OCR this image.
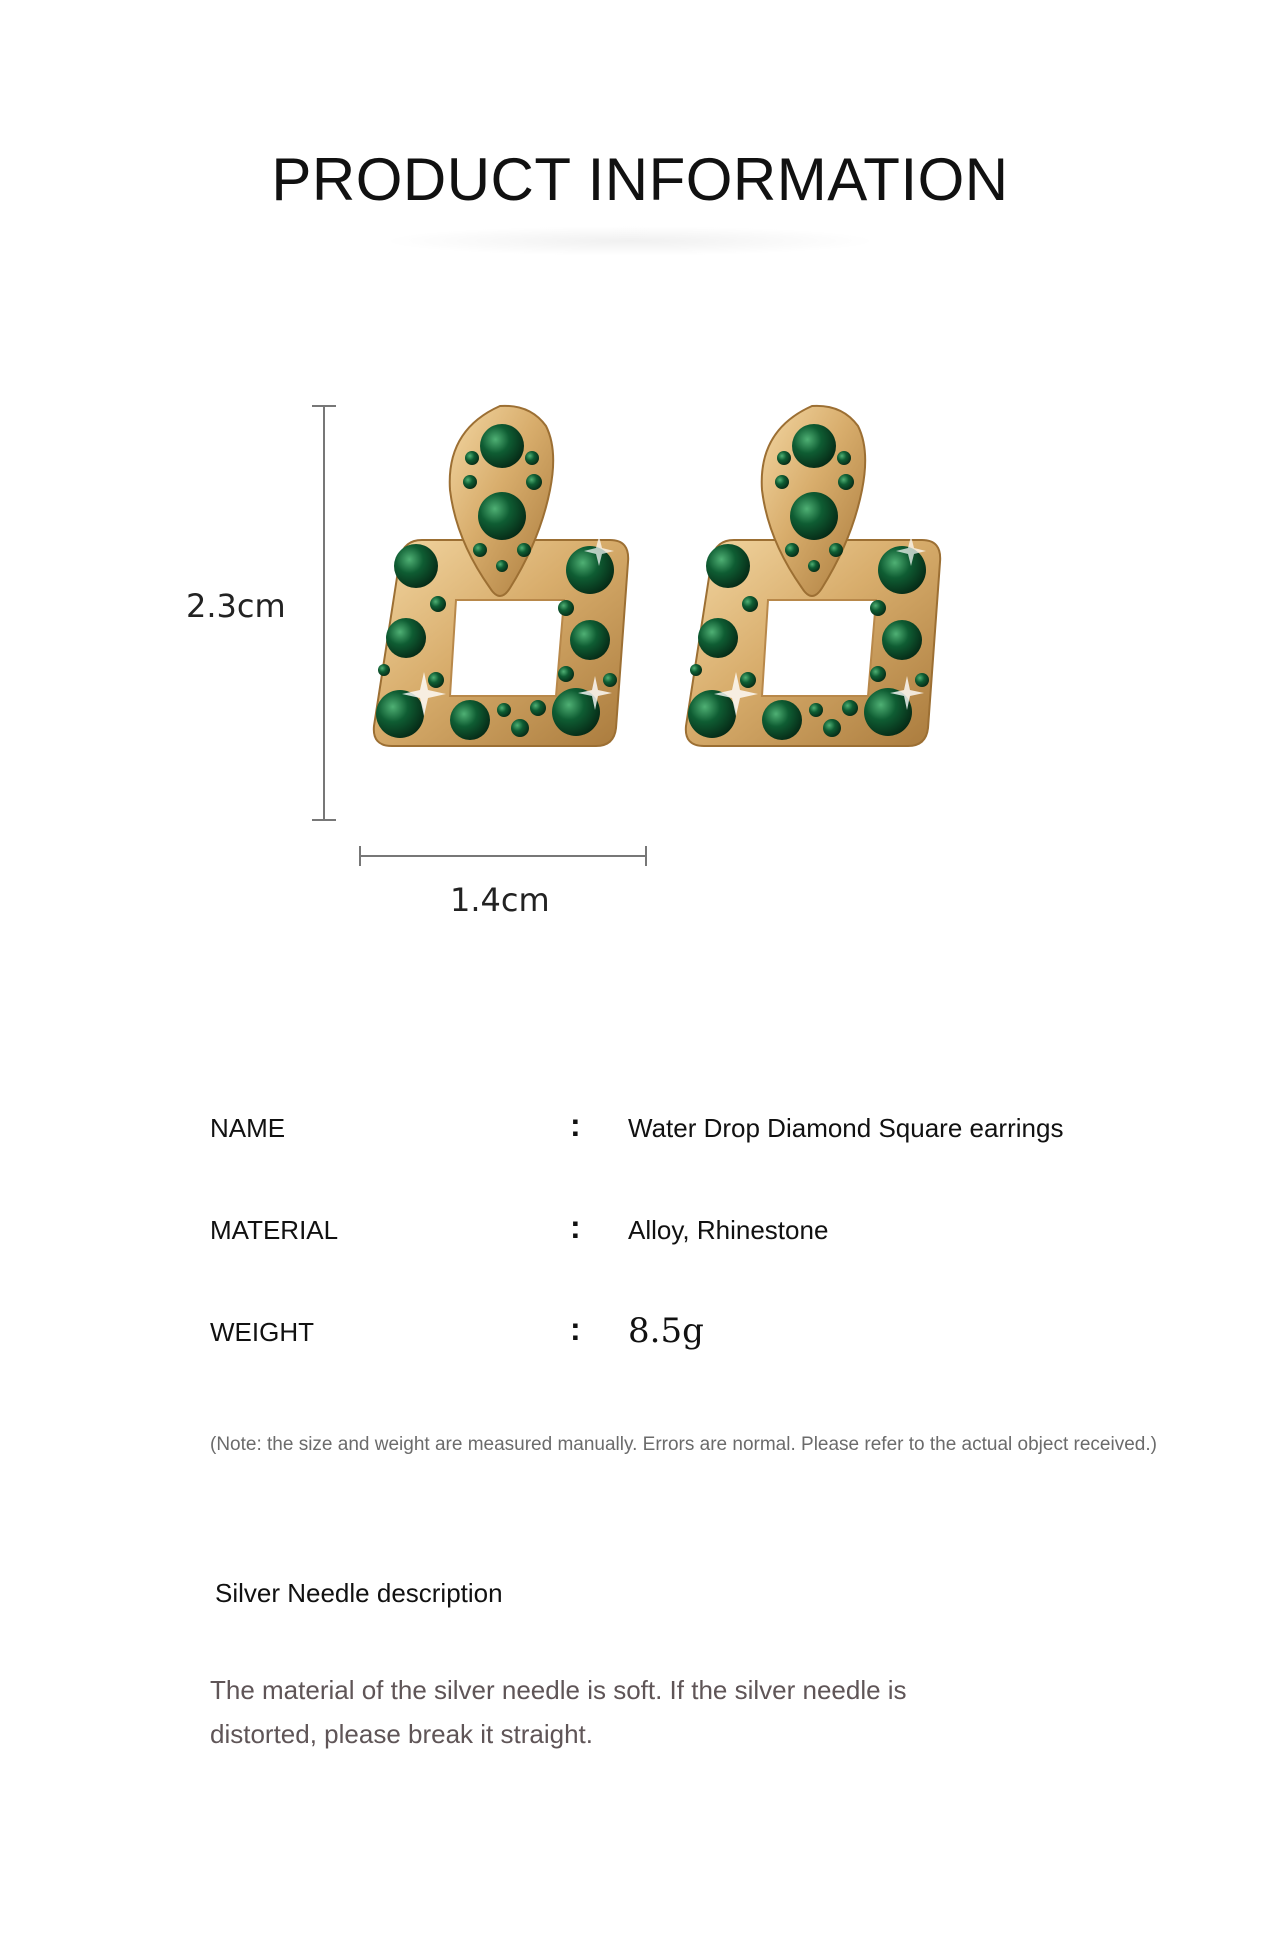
PRODUCT INFORMATION
2.3cm
1.4cm
NAME	: Water Drop Diamond Square earrings
MATERIAL	: Alloy, Rhinestone
WEIGHT	: 8.5g
(Note: the size and weight are measured manually. Errors are normal. Please refer to the actual object received.)
Silver Needle description
The material of the silver needle is soft. If the silver needle is distorted, please break it straight.
